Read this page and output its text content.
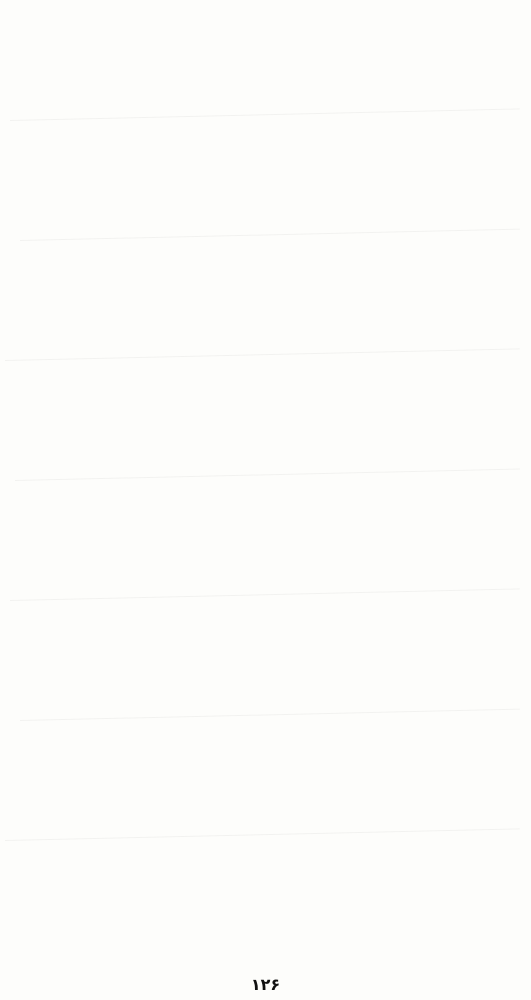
١٢۶
